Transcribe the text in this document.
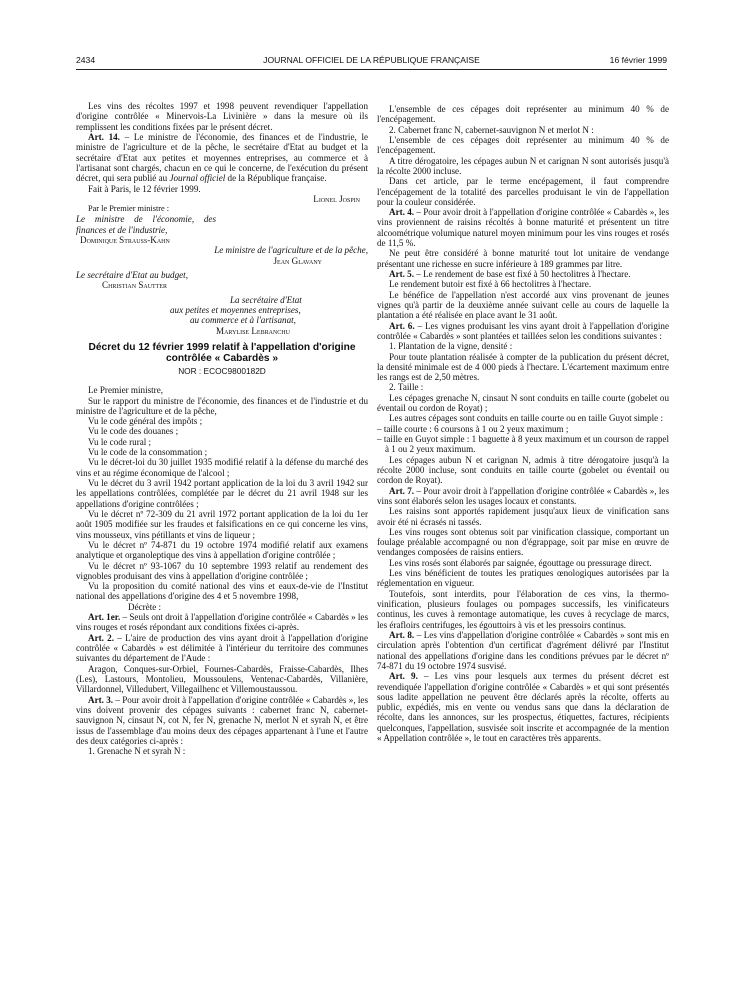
2434	JOURNAL OFFICIEL DE LA RÉPUBLIQUE FRANÇAISE	16 février 1999

Les vins des récoltes 1997 et 1998 peuvent revendiquer l'appellation d'origine contrôlée « Minervois-La Livinière » dans la mesure où ils remplissent les conditions fixées par le présent décret.

Art. 14. – Le ministre de l'économie, des finances et de l'industrie, le ministre de l'agriculture et de la pêche, le secrétaire d'Etat au budget et la secrétaire d'Etat aux petites et moyennes entreprises, au commerce et à l'artisanat sont chargés, chacun en ce qui le concerne, de l'exécution du présent décret, qui sera publié au Journal officiel de la République française.

Fait à Paris, le 12 février 1999.

Lionel Jospin

Par le Premier ministre :

Le ministre de l'économie, des finances et de l'industrie,

Dominique Strauss-Kahn

Le ministre de l'agriculture et de la pêche,

Jean Glavany

Le secrétaire d'Etat au budget,

Christian Sautter

La secrétaire d'Etat

aux petites et moyennes entreprises,

au commerce et à l'artisanat,

Marylise Lebranchu

Décret du 12 février 1999 relatif à l'appellation d'origine contrôlée « Cabardès »

NOR : ECOC9800182D

Le Premier ministre,

Sur le rapport du ministre de l'économie, des finances et de l'industrie et du ministre de l'agriculture et de la pêche,

Vu le code général des impôts ;

Vu le code des douanes ;

Vu le code rural ;

Vu le code de la consommation ;

Vu le décret-loi du 30 juillet 1935 modifié relatif à la défense du marché des vins et au régime économique de l'alcool ;

Vu le décret du 3 avril 1942 portant application de la loi du 3 avril 1942 sur les appellations contrôlées, complétée par le décret du 21 avril 1948 sur les appellations d'origine contrôlées ;

Vu le décret nº 72-309 du 21 avril 1972 portant application de la loi du 1er août 1905 modifiée sur les fraudes et falsifications en ce qui concerne les vins, vins mousseux, vins pétillants et vins de liqueur ;

Vu le décret nº 74-871 du 19 octobre 1974 modifié relatif aux examens analytique et organoleptique des vins à appellation d'origine contrôlée ;

Vu le décret nº 93-1067 du 10 septembre 1993 relatif au rendement des vignobles produisant des vins à appellation d'origine contrôlée ;

Vu la proposition du comité national des vins et eaux-de-vie de l'Institut national des appellations d'origine des 4 et 5 novembre 1998,

Décrète :

Art. 1er. – Seuls ont droit à l'appellation d'origine contrôlée « Cabardès » les vins rouges et rosés répondant aux conditions fixées ci-après.

Art. 2. – L'aire de production des vins ayant droit à l'appellation d'origine contrôlée « Cabardès » est délimitée à l'intérieur du territoire des communes suivantes du département de l'Aude :

Aragon, Conques-sur-Orbiel, Fournes-Cabardès, Fraisse-Cabardès, Ilhes (Les), Lastours, Montolieu, Moussoulens, Ventenac-Cabardès, Villanière, Villardonnel, Villedubert, Villegailhenc et Villemoustaussou.

Art. 3. – Pour avoir droit à l'appellation d'origine contrôlée « Cabardès », les vins doivent provenir des cépages suivants : cabernet franc N, cabernet-sauvignon N, cinsaut N, cot N, fer N, grenache N, merlot N et syrah N, et être issus de l'assemblage d'au moins deux des cépages appartenant à l'une et l'autre des deux catégories ci-après :

1. Grenache N et syrah N :

L'ensemble de ces cépages doit représenter au minimum 40 % de l'encépagement.

2. Cabernet franc N, cabernet-sauvignon N et merlot N :

L'ensemble de ces cépages doit représenter au minimum 40 % de l'encépagement.

A titre dérogatoire, les cépages aubun N et carignan N sont autorisés jusqu'à la récolte 2000 incluse.

Dans cet article, par le terme encépagement, il faut comprendre l'encépagement de la totalité des parcelles produisant le vin de l'appellation pour la couleur considérée.

Art. 4. – Pour avoir droit à l'appellation d'origine contrôlée « Cabardès », les vins proviennent de raisins récoltés à bonne maturité et présentent un titre alcoométrique volumique naturel moyen minimum pour les vins rouges et rosés de 11,5 %.

Ne peut être considéré à bonne maturité tout lot unitaire de vendange présentant une richesse en sucre inférieure à 189 grammes par litre.

Art. 5. – Le rendement de base est fixé à 50 hectolitres à l'hectare.

Le rendement butoir est fixé à 66 hectolitres à l'hectare.

Le bénéfice de l'appellation n'est accordé aux vins provenant de jeunes vignes qu'à partir de la deuxième année suivant celle au cours de laquelle la plantation a été réalisée en place avant le 31 août.

Art. 6. – Les vignes produisant les vins ayant droit à l'appellation d'origine contrôlée « Cabardès » sont plantées et taillées selon les conditions suivantes :

1. Plantation de la vigne, densité :

Pour toute plantation réalisée à compter de la publication du présent décret, la densité minimale est de 4 000 pieds à l'hectare. L'écartement maximum entre les rangs est de 2,50 mètres.

2. Taille :

Les cépages grenache N, cinsaut N sont conduits en taille courte (gobelet ou éventail ou cordon de Royat) ;

Les autres cépages sont conduits en taille courte ou en taille Guyot simple :

– taille courte : 6 coursons à 1 ou 2 yeux maximum ;

– taille en Guyot simple : 1 baguette à 8 yeux maximum et un courson de rappel à 1 ou 2 yeux maximum.

Les cépages aubun N et carignan N, admis à titre dérogatoire jusqu'à la récolte 2000 incluse, sont conduits en taille courte (gobelet ou éventail ou cordon de Royat).

Art. 7. – Pour avoir droit à l'appellation d'origine contrôlée « Cabardès », les vins sont élaborés selon les usages locaux et constants.

Les raisins sont apportés rapidement jusqu'aux lieux de vinification sans avoir été ni écrasés ni tassés.

Les vins rouges sont obtenus soit par vinification classique, comportant un foulage préalable accompagné ou non d'égrappage, soit par mise en œuvre de vendanges composées de raisins entiers.

Les vins rosés sont élaborés par saignée, égouttage ou pressurage direct.

Les vins bénéficient de toutes les pratiques œnologiques autorisées par la réglementation en vigueur.

Toutefois, sont interdits, pour l'élaboration de ces vins, la thermo-vinification, plusieurs foulages ou pompages successifs, les vinificateurs continus, les cuves à remontage automatique, les cuves à recyclage de marcs, les érafloirs centrifuges, les égouttoirs à vis et les pressoirs continus.

Art. 8. – Les vins d'appellation d'origine contrôlée « Cabardès » sont mis en circulation après l'obtention d'un certificat d'agrément délivré par l'Institut national des appellations d'origine dans les conditions prévues par le décret nº 74-871 du 19 octobre 1974 susvisé.

Art. 9. – Les vins pour lesquels aux termes du présent décret est revendiquée l'appellation d'origine contrôlée « Cabardès » et qui sont présentés sous ladite appellation ne peuvent être déclarés après la récolte, offerts au public, expédiés, mis en vente ou vendus sans que dans la déclaration de récolte, dans les annonces, sur les prospectus, étiquettes, factures, récipients quelconques, l'appellation, susvisée soit inscrite et accompagnée de la mention « Appellation contrôlée », le tout en caractères très apparents.
